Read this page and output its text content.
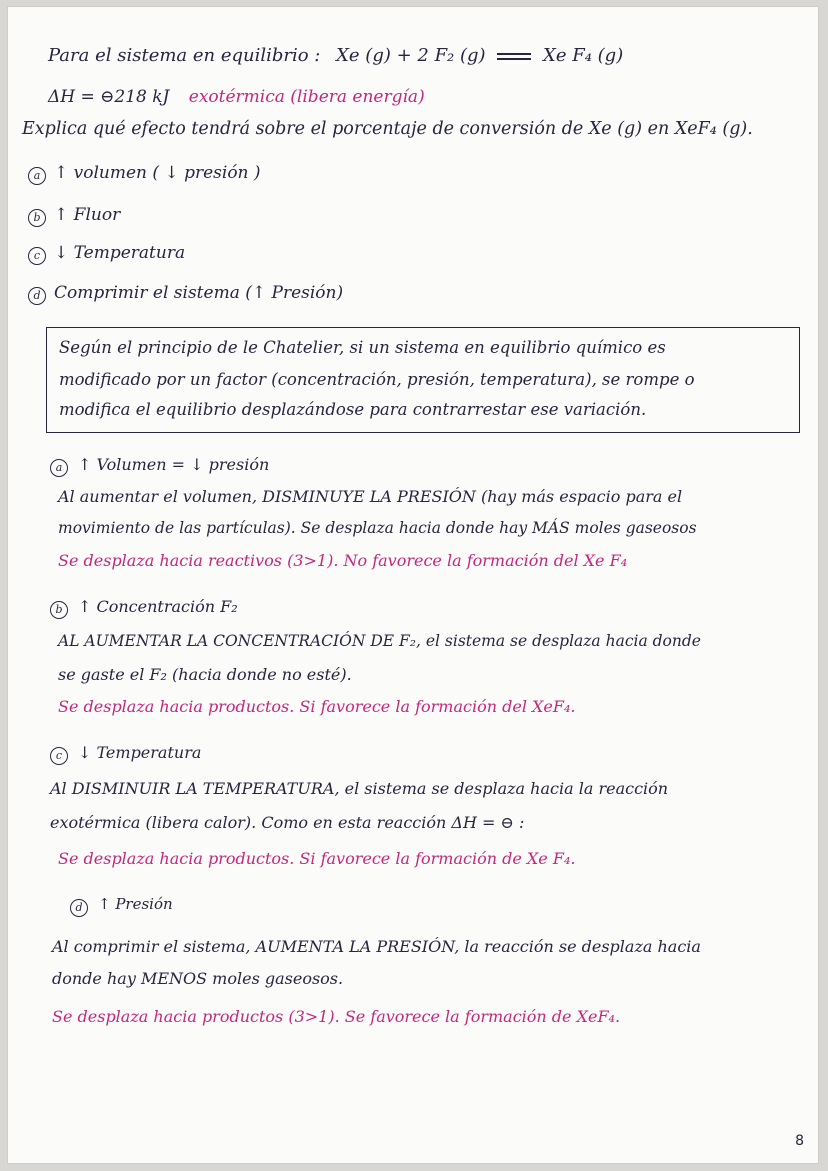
Para el sistema en equilibrio : Xe (g) + 2 F₂ (g)	Xe F₄ (g)
ΔH = ⊖218 kJ exotérmica (libera energía)
Explica qué efecto tendrá sobre el porcentaje de conversión de Xe (g) en XeF₄ (g).
a ↑ volumen ( ↓ presión )
b ↑ Fluor
c ↓ Temperatura
d Comprimir el sistema (↑ Presión)
Según el principio de le Chatelier, si un sistema en equilibrio químico es
modificado por un factor (concentración, presión, temperatura), se rompe o
modifica el equilibrio desplazándose para contrarrestar ese variación.
a ↑ Volumen = ↓ presión
Al aumentar el volumen, DISMINUYE LA PRESIÓN (hay más espacio para el
movimiento de las partículas). Se desplaza hacia donde hay MÁS moles gaseosos
Se desplaza hacia reactivos (3>1). No favorece la formación del Xe F₄
b ↑ Concentración F₂
AL AUMENTAR LA CONCENTRACIÓN DE F₂, el sistema se desplaza hacia donde
se gaste el F₂ (hacia donde no esté).
Se desplaza hacia productos. Si favorece la formación del XeF₄.
c ↓ Temperatura
Al DISMINUIR LA TEMPERATURA, el sistema se desplaza hacia la reacción
exotérmica (libera calor). Como en esta reacción ΔH = ⊖ :
Se desplaza hacia productos. Si favorece la formación de Xe F₄.
d	↑ Presión
Al comprimir el sistema, AUMENTA LA PRESIÓN, la reacción se desplaza hacia
donde hay MENOS moles gaseosos.
Se desplaza hacia productos (3>1). Se favorece la formación de XeF₄.
8
